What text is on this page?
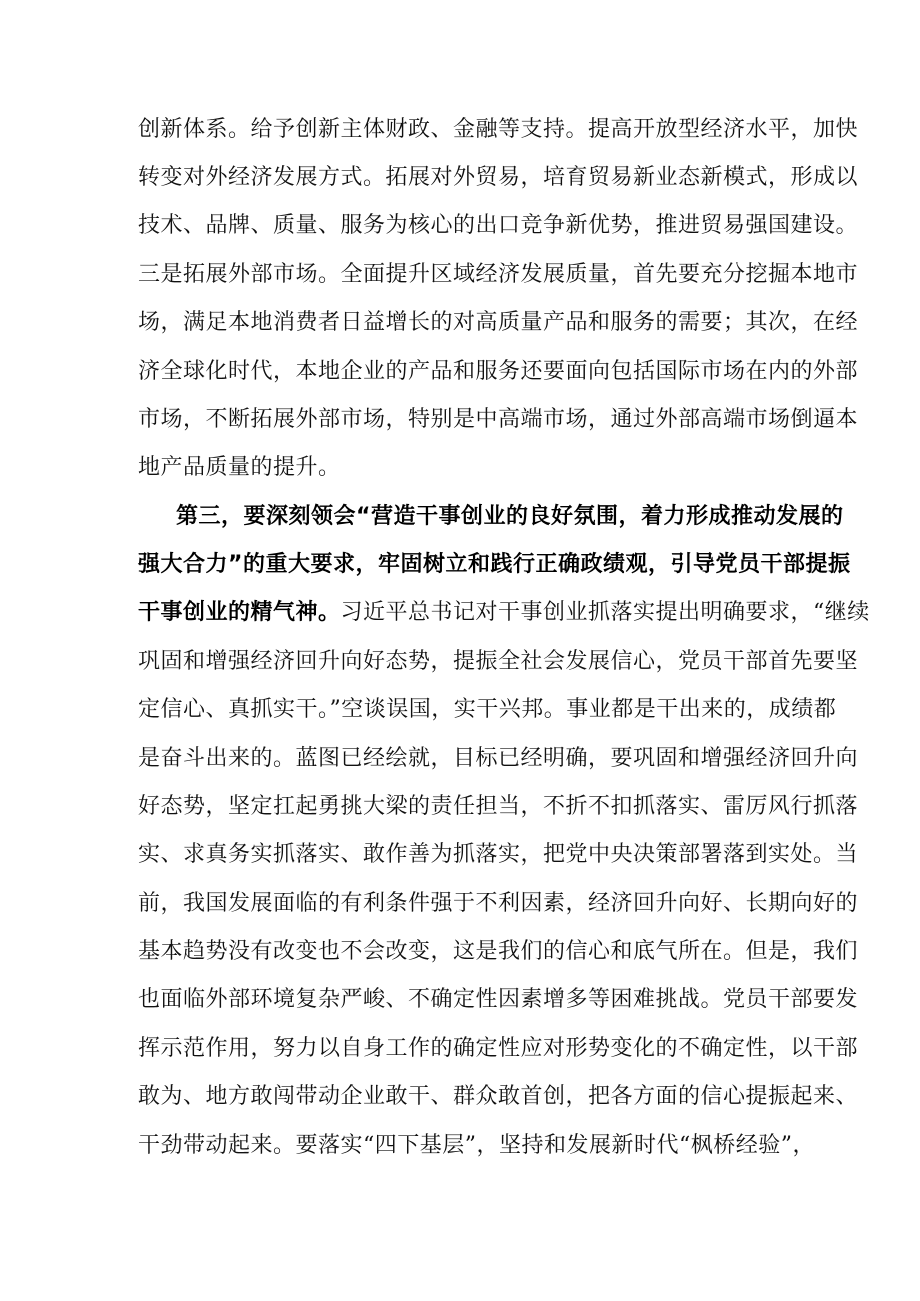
创新体系。给予创新主体财政、金融等支持。提高开放型经济水平，加快
转变对外经济发展方式。拓展对外贸易，培育贸易新业态新模式，形成以
技术、品牌、质量、服务为核心的出口竞争新优势，推进贸易强国建设。
三是拓展外部市场。全面提升区域经济发展质量，首先要充分挖掘本地市
场，满足本地消费者日益增长的对高质量产品和服务的需要；其次，在经
济全球化时代，本地企业的产品和服务还要面向包括国际市场在内的外部
市场，不断拓展外部市场，特别是中高端市场，通过外部高端市场倒逼本
地产品质量的提升。
第三，要深刻领会“营造干事创业的良好氛围，着力形成推动发展的
强大合力”的重大要求，牢固树立和践行正确政绩观，引导党员干部提振
干事创业的精气神。习近平总书记对干事创业抓落实提出明确要求，“继续
巩固和增强经济回升向好态势，提振全社会发展信心，党员干部首先要坚
定信心、真抓实干。”空谈误国，实干兴邦。事业都是干出来的，成绩都
是奋斗出来的。蓝图已经绘就，目标已经明确，要巩固和增强经济回升向
好态势，坚定扛起勇挑大梁的责任担当，不折不扣抓落实、雷厉风行抓落
实、求真务实抓落实、敢作善为抓落实，把党中央决策部署落到实处。当
前，我国发展面临的有利条件强于不利因素，经济回升向好、长期向好的
基本趋势没有改变也不会改变，这是我们的信心和底气所在。但是，我们
也面临外部环境复杂严峻、不确定性因素增多等困难挑战。党员干部要发
挥示范作用，努力以自身工作的确定性应对形势变化的不确定性，以干部
敢为、地方敢闯带动企业敢干、群众敢首创，把各方面的信心提振起来、
干劲带动起来。要落实“四下基层”，坚持和发展新时代“枫桥经验”，
